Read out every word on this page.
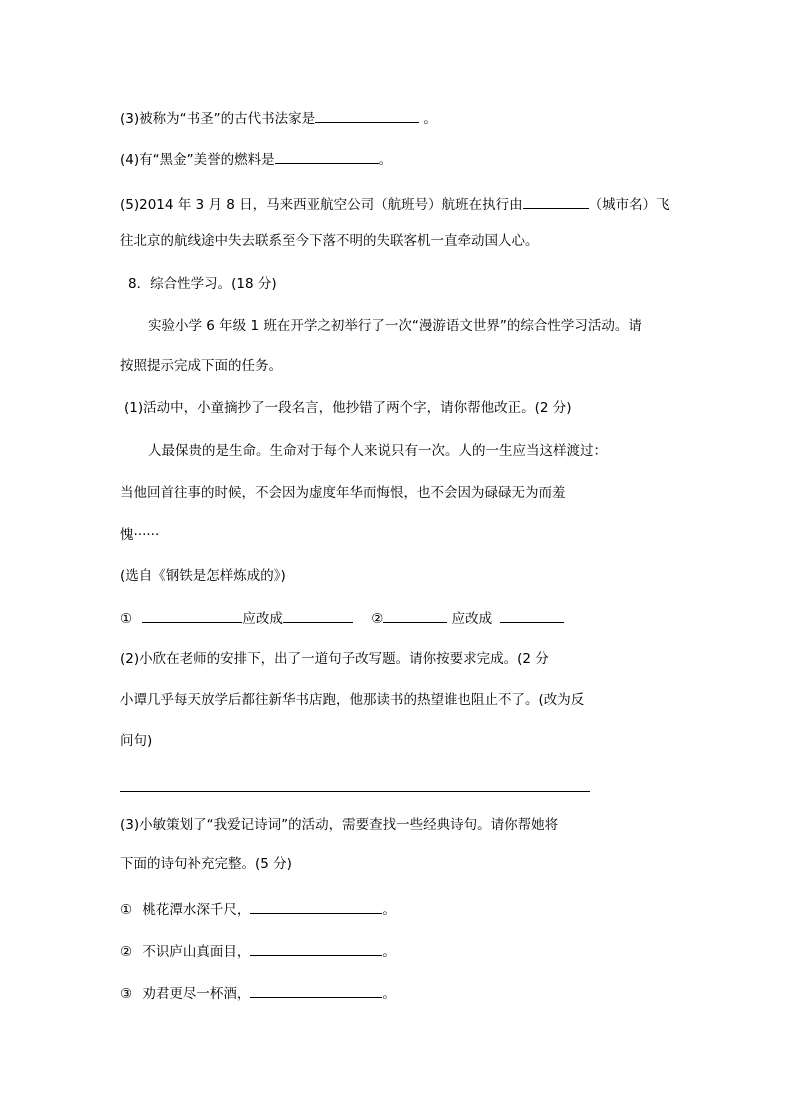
(3)被称为“书圣”的古代书法家是	。
(4)有“黑金”美誉的燃料是	。
(5)2014 年 3 月 8 日，马来西亚航空公司（航班号）航班在执行由	（城市名）飞
往北京的航线途中失去联系至今下落不明的失联客机一直牵动国人心。
8．综合性学习。(18 分)
实验小学 6 年级 1 班在开学之初举行了一次“漫游语文世界”的综合性学习活动。请
按照提示完成下面的任务。
(1)活动中，小童摘抄了一段名言，他抄错了两个字，请你帮他改正。(2 分)
人最保贵的是生命。生命对于每个人来说只有一次。人的一生应当这样渡过：
当他回首往事的时候，不会因为虚度年华而悔恨，也不会因为碌碌无为而羞
愧······
(选自《钢铁是怎样炼成的》)
①	应改成	②	应改成
(2)小欣在老师的安排下，出了一道句子改写题。请你按要求完成。(2 分
小谭几乎每天放学后都往新华书店跑，他那读书的热望谁也阻止不了。(改为反
问句)
(3)小敏策划了“我爱记诗词”的活动，需要查找一些经典诗句。请你帮她将
下面的诗句补充完整。(5 分)
① 桃花潭水深千尺，	。
② 不识庐山真面目，	。
③ 劝君更尽一杯酒，	。
